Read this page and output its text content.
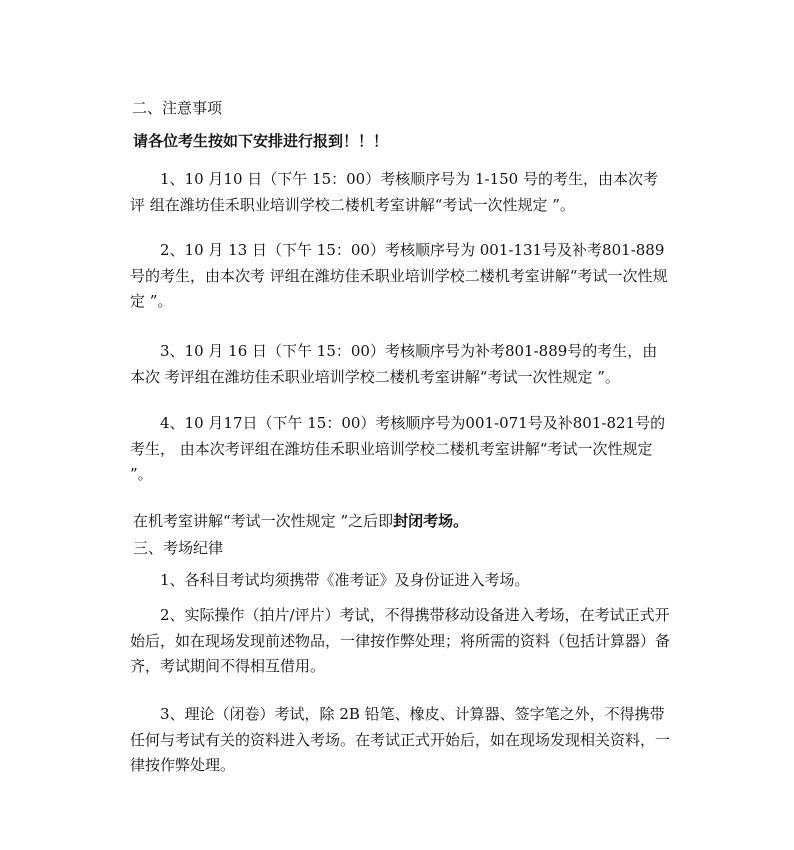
二、注意事项
请各位考生按如下安排进行报到！！！
1、10 月10 日（下午 15：00）考核顺序号为 1-150 号的考生，由本次考评 组在潍坊佳禾职业培训学校二楼机考室讲解“考试一次性规定 ”。
2、10 月 13 日（下午 15：00）考核顺序号为 001-131号及补考801-889号的考生，由本次考 评组在潍坊佳禾职业培训学校二楼机考室讲解“考试一次性规定 ”。
3、10 月 16 日（下午 15：00）考核顺序号为补考801-889号的考生，由本次 考评组在潍坊佳禾职业培训学校二楼机考室讲解“考试一次性规定 ”。
4、10 月17日（下午 15：00）考核顺序号为001-071号及补801-821号的考生， 由本次考评组在潍坊佳禾职业培训学校二楼机考室讲解“考试一次性规定 ”。
在机考室讲解“考试一次性规定 ”之后即封闭考场。
三、考场纪律
1、各科目考试均须携带《准考证》及身份证进入考场。
2、实际操作（拍片/评片）考试，不得携带移动设备进入考场，在考试正式开始后，如在现场发现前述物品，一律按作弊处理；将所需的资料（包括计算器）备齐，考试期间不得相互借用。
3、理论（闭卷）考试，除 2B 铅笔、橡皮、计算器、签字笔之外，不得携带任何与考试有关的资料进入考场。在考试正式开始后，如在现场发现相关资料，一律按作弊处理。
